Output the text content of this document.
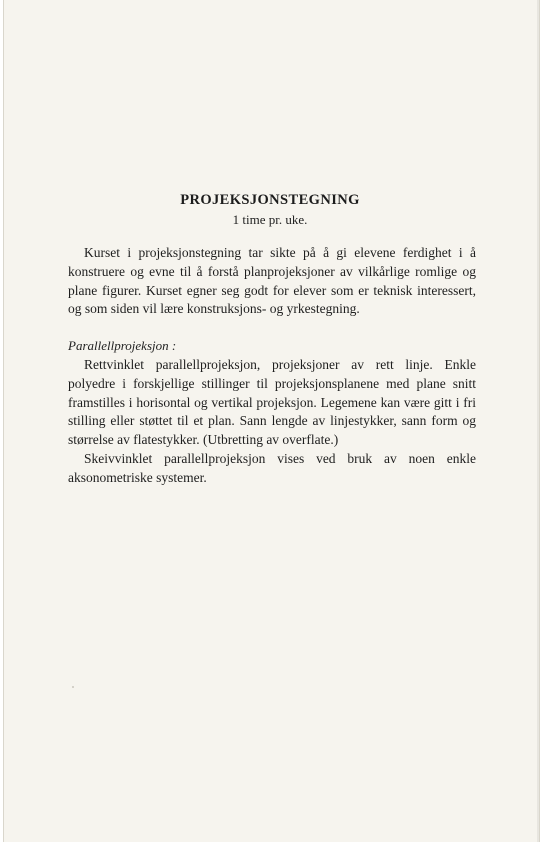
PROJEKSJONSTEGNING

1 time pr. uke.

Kurset i projeksjonstegning tar sikte på å gi elevene ferdighet i å konstruere og evne til å forstå planprojeksjoner av vilkårlige romlige og plane figurer. Kurset egner seg godt for elever som er teknisk interessert, og som siden vil lære konstruksjons- og yrkestegning.

Parallellprojeksjon :

Rettvinklet parallellprojeksjon, projeksjoner av rett linje. Enkle polyedre i forskjellige stillinger til projeksjonsplanene med plane snitt framstilles i horisontal og vertikal projeksjon. Legemene kan være gitt i fri stilling eller støttet til et plan. Sann lengde av linjestykker, sann form og størrelse av flatestykker. (Utbretting av overflate.)

Skeivvinklet parallellprojeksjon vises ved bruk av noen enkle aksonometriske systemer.
